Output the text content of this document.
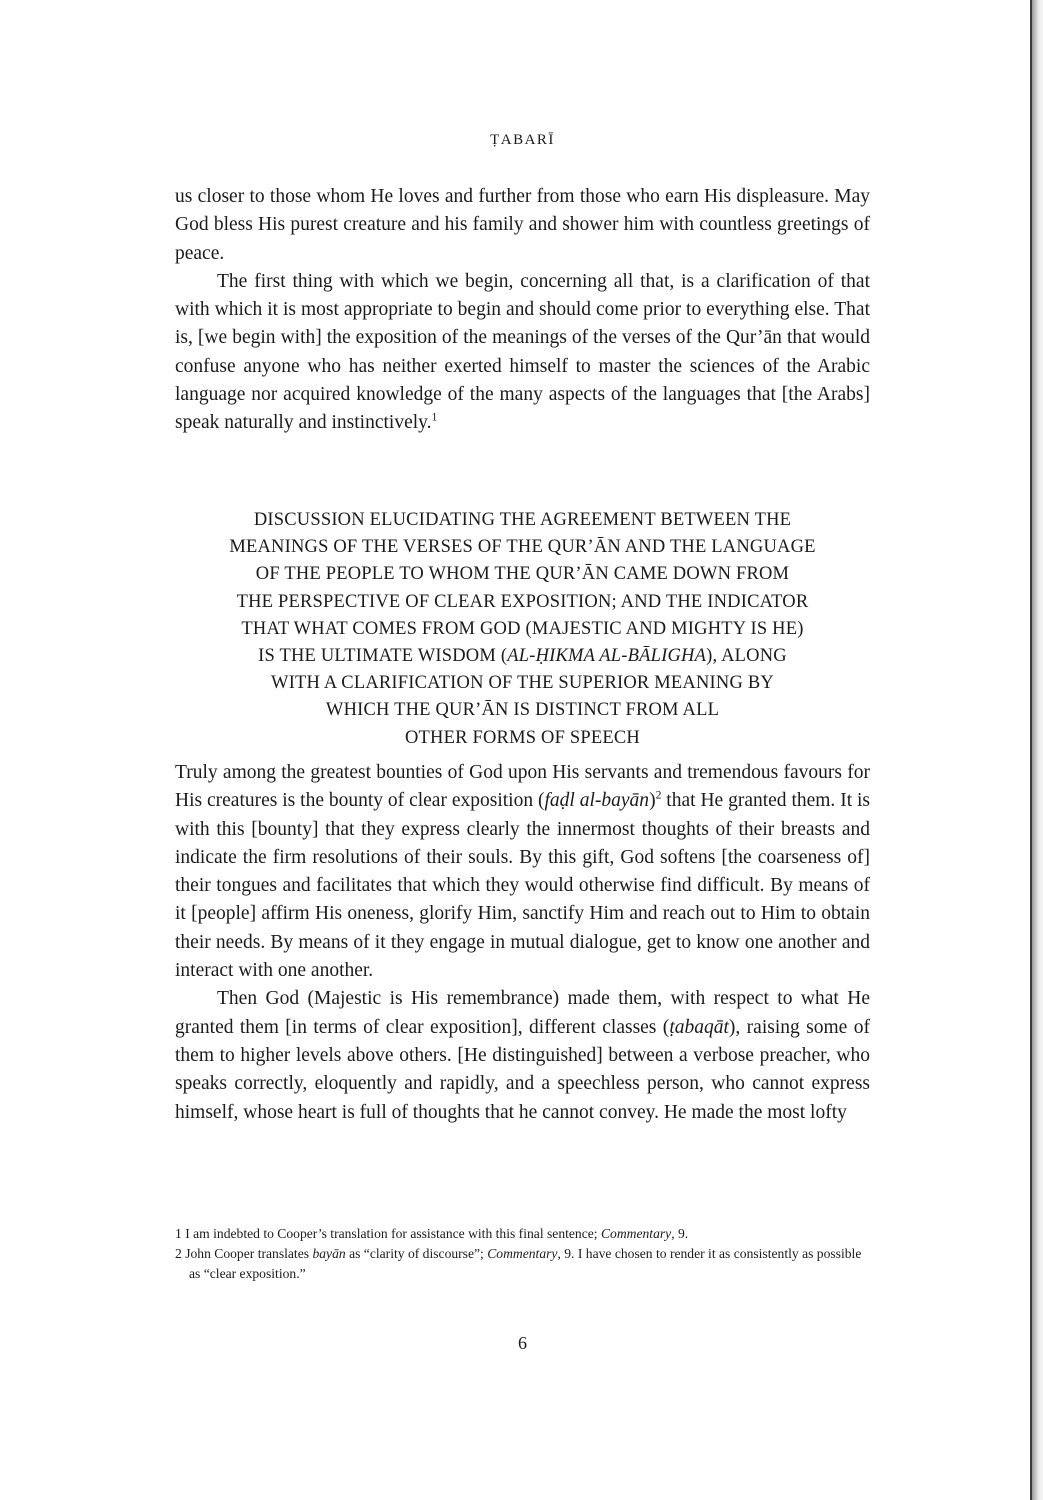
ṬABARĪ

us closer to those whom He loves and further from those who earn His displeasure. May God bless His purest creature and his family and shower him with countless greetings of peace.

The first thing with which we begin, concerning all that, is a clarification of that with which it is most appropriate to begin and should come prior to everything else. That is, [we begin with] the exposition of the meanings of the verses of the Qur’ān that would confuse anyone who has neither exerted himself to master the sciences of the Arabic language nor acquired knowledge of the many aspects of the languages that [the Arabs] speak naturally and instinctively.$^1$

DISCUSSION ELUCIDATING THE AGREEMENT BETWEEN THE

MEANINGS OF THE VERSES OF THE QUR’ĀN AND THE LANGUAGE

OF THE PEOPLE TO WHOM THE QUR’ĀN CAME DOWN FROM

THE PERSPECTIVE OF CLEAR EXPOSITION; AND THE INDICATOR

THAT WHAT COMES FROM GOD (MAJESTIC AND MIGHTY IS HE)

IS THE ULTIMATE WISDOM (AL-ḤIKMA AL-BĀLIGHA), ALONG

WITH A CLARIFICATION OF THE SUPERIOR MEANING BY

WHICH THE QUR’ĀN IS DISTINCT FROM ALL

OTHER FORMS OF SPEECH

Truly among the greatest bounties of God upon His servants and tremendous favours for His creatures is the bounty of clear exposition (faḍl al-bayān)$^2$ that He granted them. It is with this [bounty] that they express clearly the innermost thoughts of their breasts and indicate the firm resolutions of their souls. By this gift, God softens [the coarseness of] their tongues and facilitates that which they would otherwise find difficult. By means of it [people] affirm His oneness, glorify Him, sanctify Him and reach out to Him to obtain their needs. By means of it they engage in mutual dialogue, get to know one another and interact with one another.

Then God (Majestic is His remembrance) made them, with respect to what He granted them [in terms of clear exposition], different classes (ṭabaqāt), raising some of them to higher levels above others. [He distinguished] between a verbose preacher, who speaks correctly, eloquently and rapidly, and a speechless person, who cannot express himself, whose heart is full of thoughts that he cannot convey. He made the most lofty

1 I am indebted to Cooper’s translation for assistance with this final sentence; Commentary, 9.

2 John Cooper translates bayān as “clarity of discourse”; Commentary, 9. I have chosen to render it as consistently as possible as “clear exposition.”

6
